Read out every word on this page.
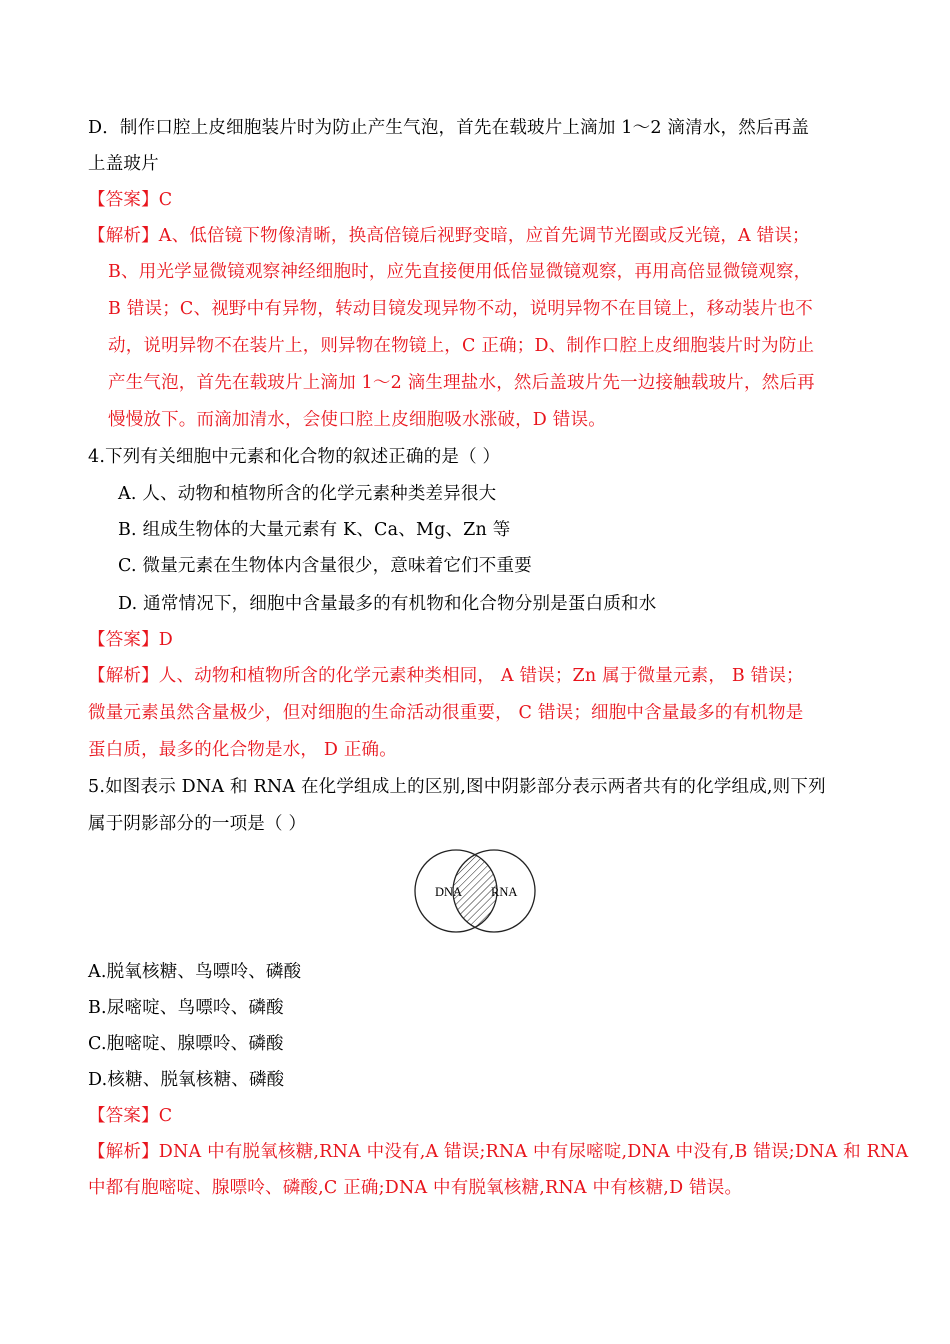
D．制作口腔上皮细胞装片时为防止产生气泡，首先在载玻片上滴加 1～2 滴清水，然后再盖
上盖玻片
【答案】C
【解析】A、低倍镜下物像清晰，换高倍镜后视野变暗，应首先调节光圈或反光镜，A 错误；
B、用光学显微镜观察神经细胞时，应先直接便用低倍显微镜观察，再用高倍显微镜观察，
B 错误；C、视野中有异物，转动目镜发现异物不动，说明异物不在目镜上，移动装片也不
动，说明异物不在装片上，则异物在物镜上，C 正确；D、制作口腔上皮细胞装片时为防止
产生气泡，首先在载玻片上滴加 1～2 滴生理盐水，然后盖玻片先一边接触载玻片，然后再
慢慢放下。而滴加清水，会使口腔上皮细胞吸水涨破，D 错误。
4.下列有关细胞中元素和化合物的叙述正确的是（ ）
A. 人、动物和植物所含的化学元素种类差异很大
B. 组成生物体的大量元素有 K、Ca、Mg、Zn 等
C. 微量元素在生物体内含量很少，意味着它们不重要
D. 通常情况下，细胞中含量最多的有机物和化合物分别是蛋白质和水
【答案】D
【解析】人、动物和植物所含的化学元素种类相同， A 错误；Zn 属于微量元素， B 错误；
微量元素虽然含量极少，但对细胞的生命活动很重要， C 错误；细胞中含量最多的有机物是
蛋白质，最多的化合物是水， D 正确。
5.如图表示 DNA 和 RNA 在化学组成上的区别,图中阴影部分表示两者共有的化学组成,则下列
属于阴影部分的一项是（ ）
DNA RNA
A.脱氧核糖、鸟嘌呤、磷酸
B.尿嘧啶、鸟嘌呤、磷酸
C.胞嘧啶、腺嘌呤、磷酸
D.核糖、脱氧核糖、磷酸
【答案】C
【解析】DNA 中有脱氧核糖,RNA 中没有,A 错误;RNA 中有尿嘧啶,DNA 中没有,B 错误;DNA 和 RNA
中都有胞嘧啶、腺嘌呤、磷酸,C 正确;DNA 中有脱氧核糖,RNA 中有核糖,D 错误。
